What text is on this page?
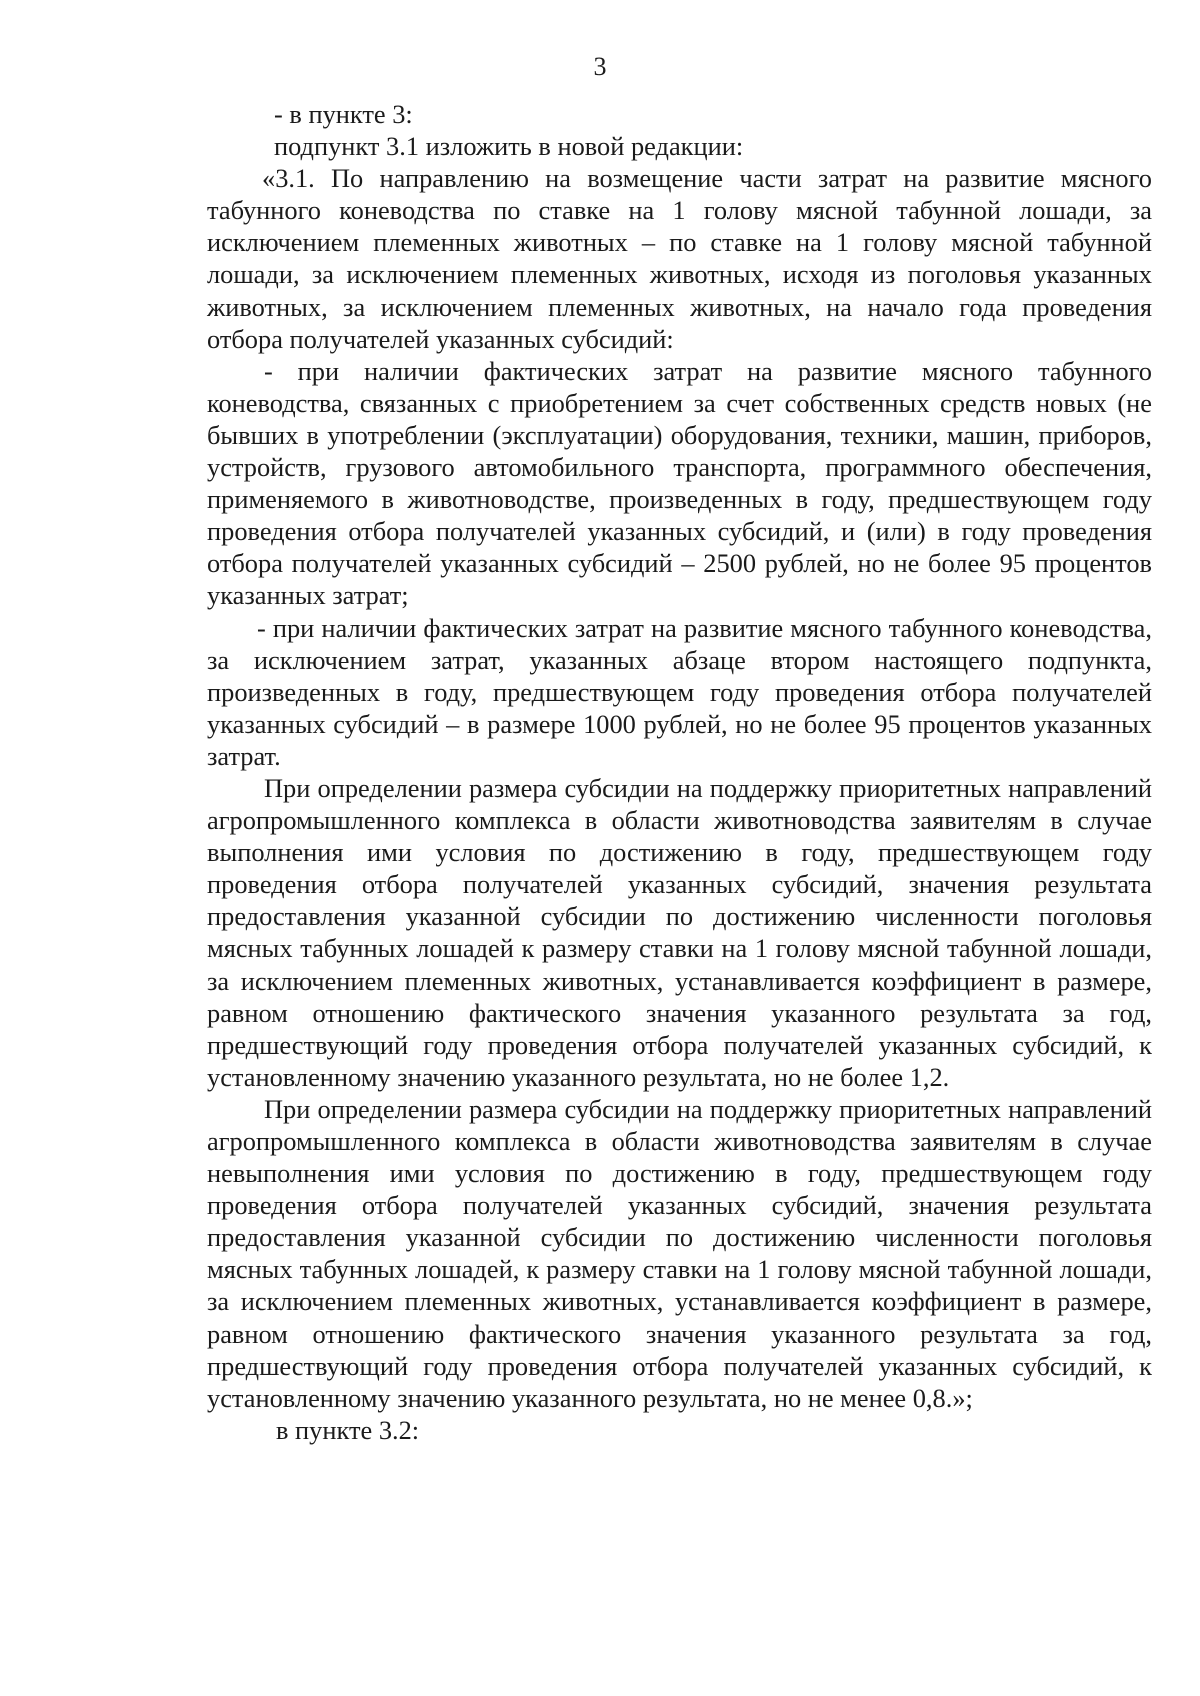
3

- в пункте 3:

подпункт 3.1 изложить в новой редакции:

«3.1. По направлению на возмещение части затрат на развитие мясного табунного коневодства по ставке на 1 голову мясной табунной лошади, за исключением племенных животных – по ставке на 1 голову мясной табунной лошади, за исключением племенных животных, исходя из поголовья указанных животных, за исключением племенных животных, на начало года проведения отбора получателей указанных субсидий:

- при наличии фактических затрат на развитие мясного табунного коневодства, связанных с приобретением за счет собственных средств новых (не бывших в употреблении (эксплуатации) оборудования, техники, машин, приборов, устройств, грузового автомобильного транспорта, программного обеспечения, применяемого в животноводстве, произведенных в году, предшествующем году проведения отбора получателей указанных субсидий, и (или) в году проведения отбора получателей указанных субсидий – 2500 рублей, но не более 95 процентов указанных затрат;

- при наличии фактических затрат на развитие мясного табунного коневодства, за исключением затрат, указанных абзаце втором настоящего подпункта, произведенных в году, предшествующем году проведения отбора получателей указанных субсидий – в размере 1000 рублей, но не более 95 процентов указанных затрат.

При определении размера субсидии на поддержку приоритетных направлений агропромышленного комплекса в области животноводства заявителям в случае выполнения ими условия по достижению в году, предшествующем году проведения отбора получателей указанных субсидий, значения результата предоставления указанной субсидии по достижению численности поголовья мясных табунных лошадей к размеру ставки на 1 голову мясной табунной лошади, за исключением племенных животных, устанавливается коэффициент в размере, равном отношению фактического значения указанного результата за год, предшествующий году проведения отбора получателей указанных субсидий, к установленному значению указанного результата, но не более 1,2.

При определении размера субсидии на поддержку приоритетных направлений агропромышленного комплекса в области животноводства заявителям в случае невыполнения ими условия по достижению в году, предшествующем году проведения отбора получателей указанных субсидий, значения результата предоставления указанной субсидии по достижению численности поголовья мясных табунных лошадей, к размеру ставки на 1 голову мясной табунной лошади, за исключением племенных животных, устанавливается коэффициент в размере, равном отношению фактического значения указанного результата за год, предшествующий году проведения отбора получателей указанных субсидий, к установленному значению указанного результата, но не менее 0,8.»;

в пункте 3.2:
